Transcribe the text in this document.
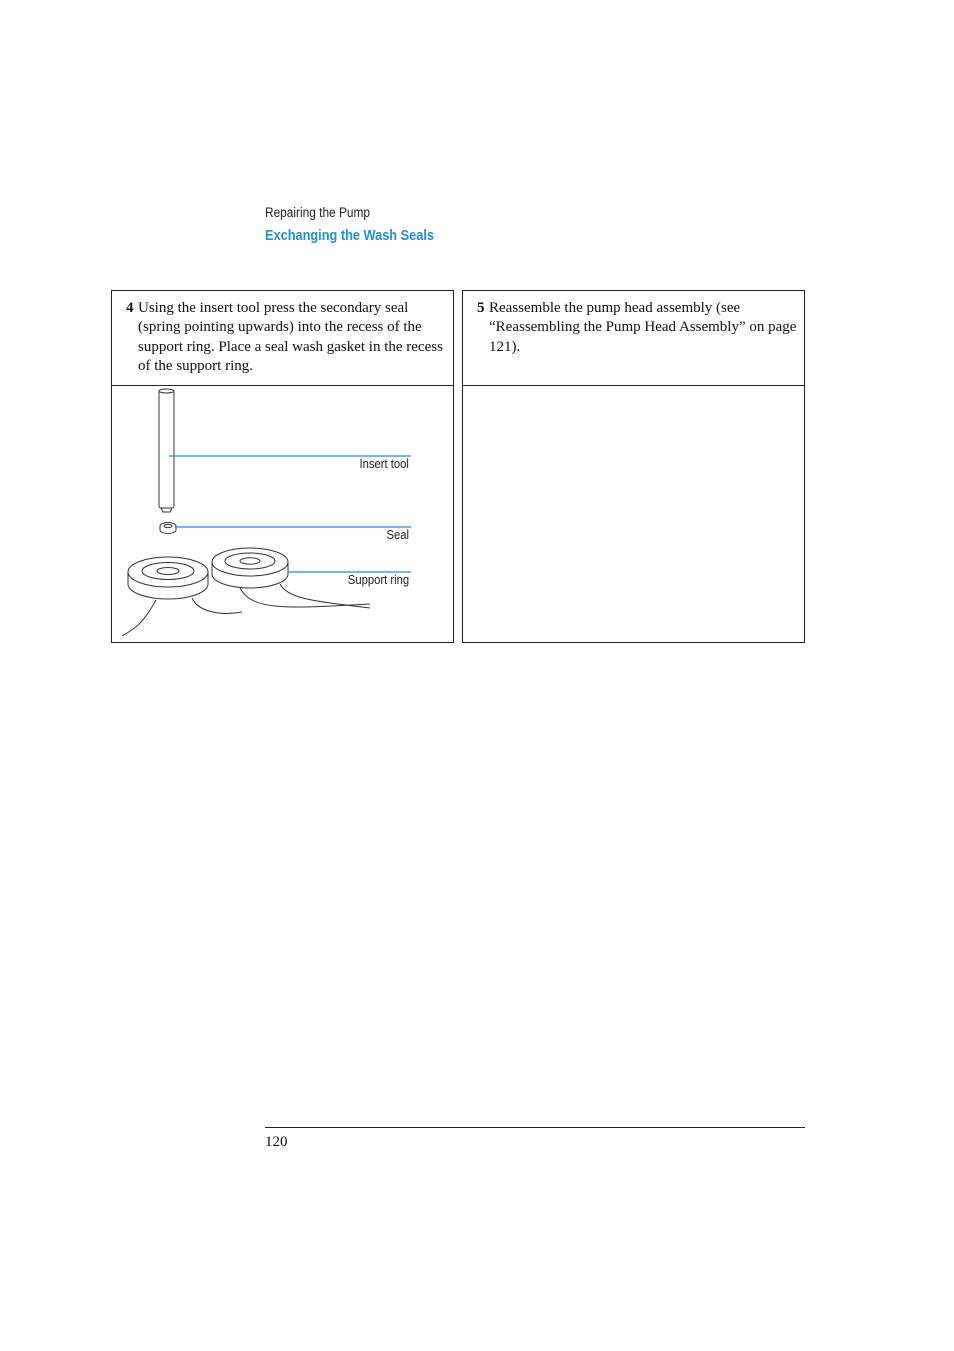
Repairing the Pump
Exchanging the Wash Seals
4 Using the insert tool press the secondary seal (spring pointing upwards) into the recess of the support ring. Place a seal wash gasket in the recess of the support ring.
5 Reassemble the pump head assembly (see “Reassembling the Pump Head Assembly” on page 121).
Insert tool
Seal
Support ring
120
